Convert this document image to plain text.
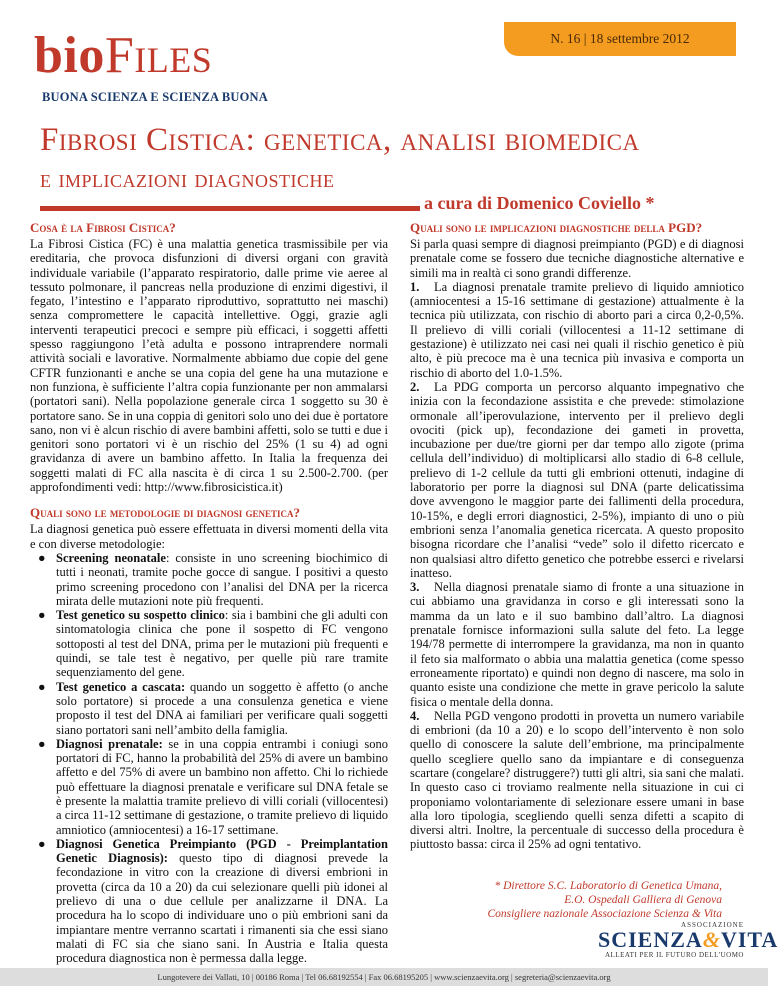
bioFiles
BUONA SCIENZA E SCIENZA BUONA
N. 16 | 18 settembre 2012
Fibrosi Cistica: genetica, analisi biomedica
e implicazioni diagnostiche
a cura di Domenico Coviello *
Cosa è la Fibrosi Cistica?

La Fibrosi Cistica (FC) è una malattia genetica trasmissibile per via ereditaria, che provoca disfunzioni di diversi organi con gravità individuale variabile (l’apparato respiratorio, dalle prime vie aeree al tessuto polmonare, il pancreas nella produzione di enzimi digestivi, il fegato, l’intestino e l’apparato riproduttivo, soprattutto nei maschi) senza compromettere le capacità intellettive. Oggi, grazie agli interventi terapeutici precoci e sempre più efficaci, i soggetti affetti spesso raggiungono l’età adulta e possono intraprendere normali attività sociali e lavorative. Normalmente abbiamo due copie del gene CFTR funzionanti e anche se una copia del gene ha una mutazione e non funziona, è sufficiente l’altra copia funzionante per non ammalarsi (portatori sani). Nella popolazione generale circa 1 soggetto su 30 è portatore sano. Se in una coppia di genitori solo uno dei due è portatore sano, non vi è alcun rischio di avere bambini affetti, solo se tutti e due i genitori sono portatori vi è un rischio del 25% (1 su 4) ad ogni gravidanza di avere un bambino affetto. In Italia la frequenza dei soggetti malati di FC alla nascita è di circa 1 su 2.500-2.700. (per approfondimenti vedi: http://www.fibrosicistica.it)

Quali sono le metodologie di diagnosi genetica?

La diagnosi genetica può essere effettuata in diversi momenti della vita e con diverse metodologie:

● Screening neonatale: consiste in uno screening biochimico di tutti i neonati, tramite poche gocce di sangue. I positivi a questo primo screening procedono con l’analisi del DNA per la ricerca mirata delle mutazioni note più frequenti.
● Test genetico su sospetto clinico: sia i bambini che gli adulti con sintomatologia clinica che pone il sospetto di FC vengono sottoposti al test del DNA, prima per le mutazioni più frequenti e quindi, se tale test è negativo, per quelle più rare tramite sequenziamento del gene.
● Test genetico a cascata: quando un soggetto è affetto (o anche solo portatore) si procede a una consulenza genetica e viene proposto il test del DNA ai familiari per verificare quali soggetti siano portatori sani nell’ambito della famiglia.
● Diagnosi prenatale: se in una coppia entrambi i coniugi sono portatori di FC, hanno la probabilità del 25% di avere un bambino affetto e del 75% di avere un bambino non affetto. Chi lo richiede può effettuare la diagnosi prenatale e verificare sul DNA fetale se è presente la malattia tramite prelievo di villi coriali (villocentesi) a circa 11-12 settimane di gestazione, o tramite prelievo di liquido amniotico (amniocentesi) a 16-17 settimane.
● Diagnosi Genetica Preimpianto (PGD - Preimplantation Genetic Diagnosis): questo tipo di diagnosi prevede la fecondazione in vitro con la creazione di diversi embrioni in provetta (circa da 10 a 20) da cui selezionare quelli più idonei al prelievo di una o due cellule per analizzarne il DNA. La procedura ha lo scopo di individuare uno o più embrioni sani da impiantare mentre verranno scartati i rimanenti sia che essi siano malati di FC sia che siano sani. In Austria e Italia questa procedura diagnostica non è permessa dalla legge.
Quali sono le implicazioni diagnostiche della PGD?

Si parla quasi sempre di diagnosi preimpianto (PGD) e di diagnosi prenatale come se fossero due tecniche diagnostiche alternative e simili ma in realtà ci sono grandi differenze.

1. La diagnosi prenatale tramite prelievo di liquido amniotico (amniocentesi a 15-16 settimane di gestazione) attualmente è la tecnica più utilizzata, con rischio di aborto pari a circa 0,2-0,5%. Il prelievo di villi coriali (villocentesi a 11-12 settimane di gestazione) è utilizzato nei casi nei quali il rischio genetico è più alto, è più precoce ma è una tecnica più invasiva e comporta un rischio di aborto del 1.0-1.5%.
2. La PDG comporta un percorso alquanto impegnativo che inizia con la fecondazione assistita e che prevede: stimolazione ormonale all’iperovulazione, intervento per il prelievo degli ovociti (pick up), fecondazione dei gameti in provetta, incubazione per due/tre giorni per dar tempo allo zigote (prima cellula dell’individuo) di moltiplicarsi allo stadio di 6-8 cellule, prelievo di 1-2 cellule da tutti gli embrioni ottenuti, indagine di laboratorio per porre la diagnosi sul DNA (parte delicatissima dove avvengono le maggior parte dei fallimenti della procedura, 10-15%, e degli errori diagnostici, 2-5%), impianto di uno o più embrioni senza l’anomalia genetica ricercata. A questo proposito bisogna ricordare che l’analisi “vede” solo il difetto ricercato e non qualsiasi altro difetto genetico che potrebbe esserci e rivelarsi inatteso.
3. Nella diagnosi prenatale siamo di fronte a una situazione in cui abbiamo una gravidanza in corso e gli interessati sono la mamma da un lato e il suo bambino dall’altro. La diagnosi prenatale fornisce informazioni sulla salute del feto. La legge 194/78 permette di interrompere la gravidanza, ma non in quanto il feto sia malformato o abbia una malattia genetica (come spesso erroneamente riportato) e quindi non degno di nascere, ma solo in quanto esiste una condizione che mette in grave pericolo la salute fisica o mentale della donna.
4. Nella PGD vengono prodotti in provetta un numero variabile di embrioni (da 10 a 20) e lo scopo dell’intervento è non solo quello di conoscere la salute dell’embrione, ma principalmente quello scegliere quello sano da impiantare e di conseguenza scartare (congelare? distruggere?) tutti gli altri, sia sani che malati. In questo caso ci troviamo realmente nella situazione in cui ci proponiamo volontariamente di selezionare essere umani in base alla loro tipologia, scegliendo quelli senza difetti a scapito di diversi altri. Inoltre, la percentuale di successo della procedura è piuttosto bassa: circa il 25% ad ogni tentativo.
* Direttore S.C. Laboratorio di Genetica Umana,
E.O. Ospedali Galliera di Genova
Consigliere nazionale Associazione Scienza & Vita
ASSOCIAZIONE
SCIENZA&VITA
ALLEATI PER IL FUTURO DELL'UOMO
Lungotevere dei Vallati, 10 | 00186 Roma | Tel 06.68192554 | Fax 06.68195205 | www.scienzaevita.org | segreteria@scienzaevita.org
